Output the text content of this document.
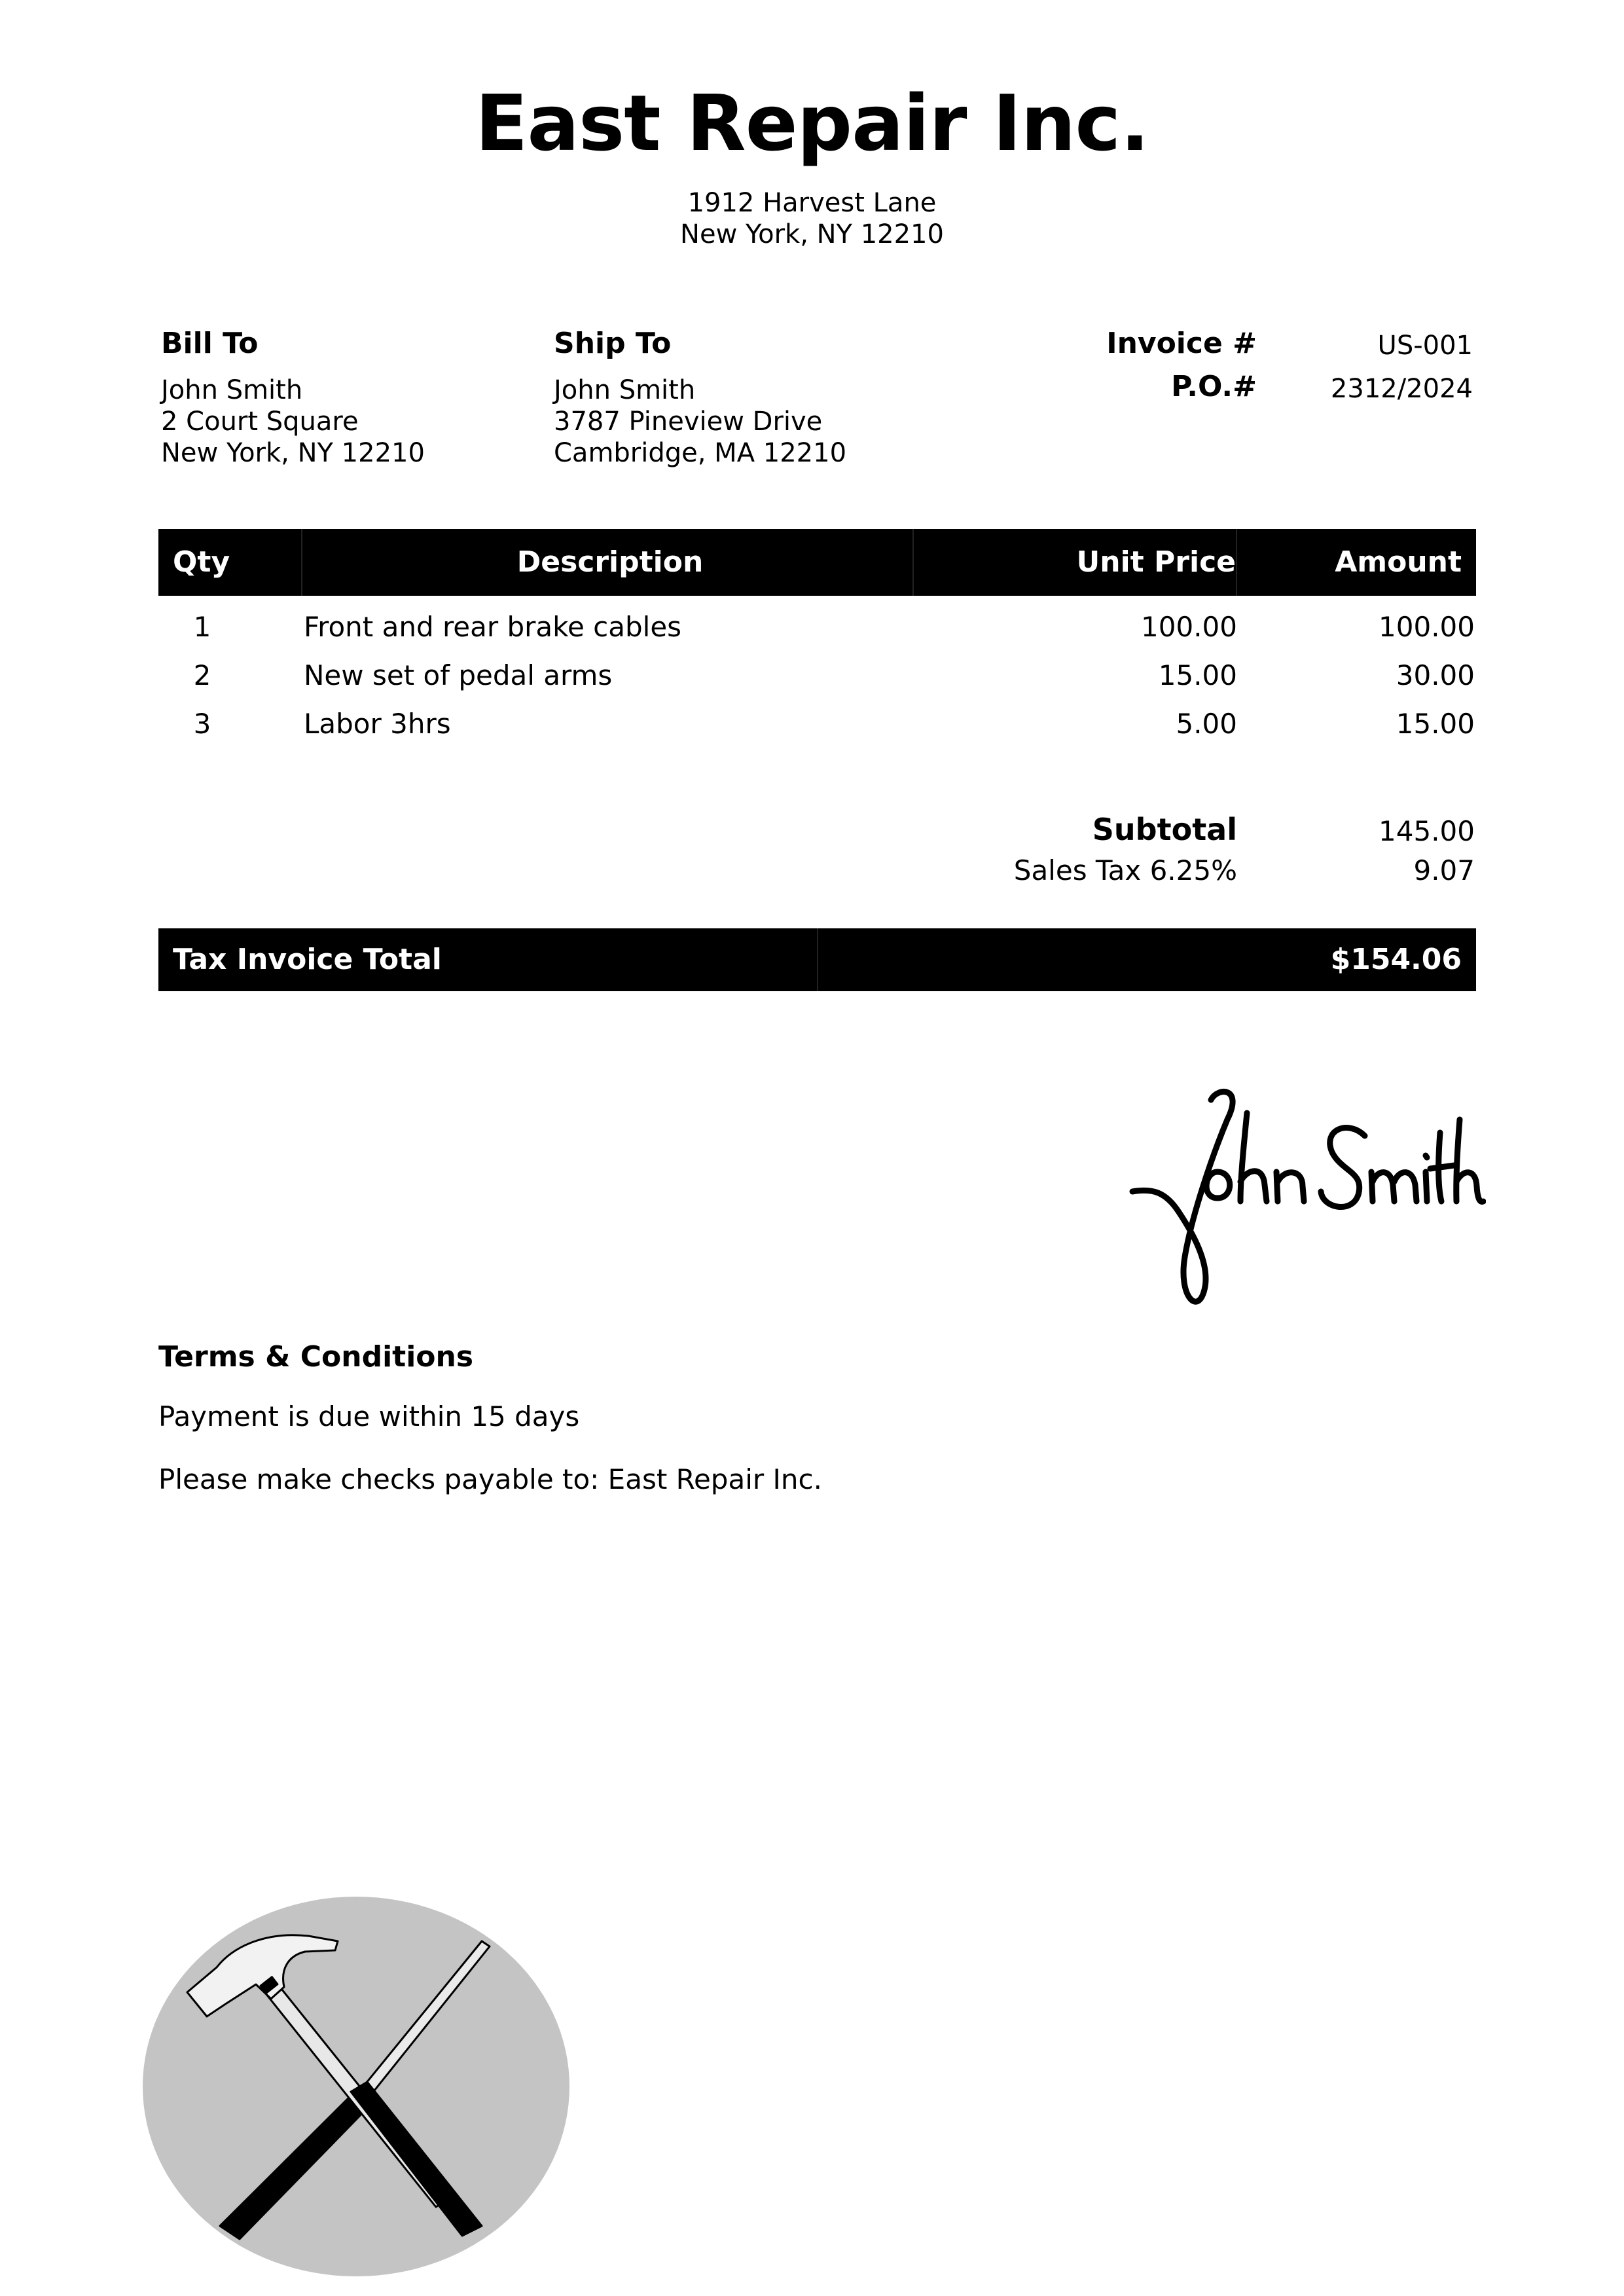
East Repair Inc.
1912 Harvest Lane
New York, NY 12210
Bill To
John Smith
2 Court Square
New York, NY 12210
Ship To
John Smith
3787 Pineview Drive
Cambridge, MA 12210
Invoice #	US-001
P.O.#	2312/2024
Qty	Description	Unit Price	Amount
1	Front and rear brake cables	100.00	100.00
2	New set of pedal arms	15.00	30.00
3	Labor 3hrs	5.00	15.00
Subtotal	145.00
Sales Tax 6.25%	9.07
Tax Invoice Total	$154.06
Terms & Conditions
Payment is due within 15 days
Please make checks payable to: East Repair Inc.
